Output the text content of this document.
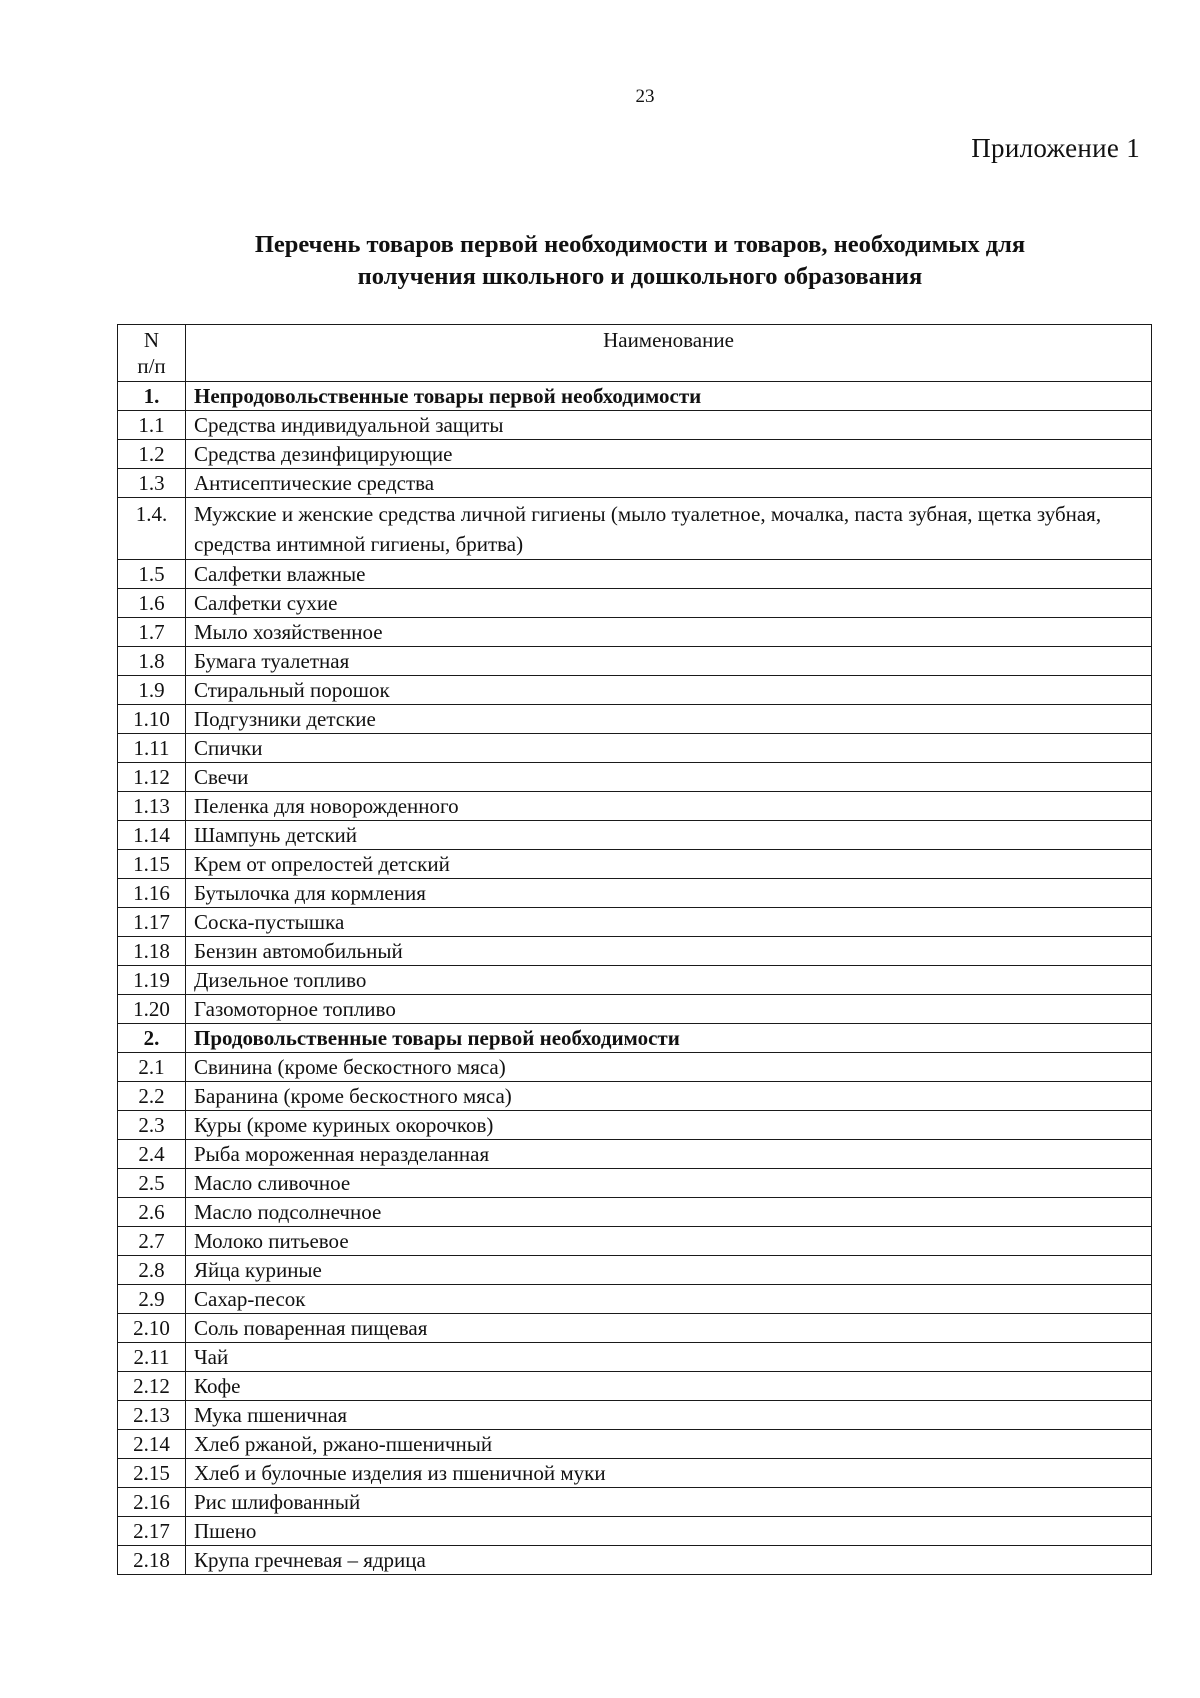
23
Приложение 1
Перечень товаров первой необходимости и товаров, необходимых для
получения школьного и дошкольного образования
N
п/п	Наименование
1.	Непродовольственные товары первой необходимости
1.1	Средства индивидуальной защиты
1.2	Средства дезинфицирующие
1.3	Антисептические средства
1.4.	Мужские и женские средства личной гигиены (мыло туалетное, мочалка, паста зубная, щетка зубная, средства интимной гигиены, бритва)
1.5	Салфетки влажные
1.6	Салфетки сухие
1.7	Мыло хозяйственное
1.8	Бумага туалетная
1.9	Стиральный порошок
1.10	Подгузники детские
1.11	Спички
1.12	Свечи
1.13	Пеленка для новорожденного
1.14	Шампунь детский
1.15	Крем от опрелостей детский
1.16	Бутылочка для кормления
1.17	Соска-пустышка
1.18	Бензин автомобильный
1.19	Дизельное топливо
1.20	Газомоторное топливо
2.	Продовольственные товары первой необходимости
2.1	Свинина (кроме бескостного мяса)
2.2	Баранина (кроме бескостного мяса)
2.3	Куры (кроме куриных окорочков)
2.4	Рыба мороженная неразделанная
2.5	Масло сливочное
2.6	Масло подсолнечное
2.7	Молоко питьевое
2.8	Яйца куриные
2.9	Сахар-песок
2.10	Соль поваренная пищевая
2.11	Чай
2.12	Кофе
2.13	Мука пшеничная
2.14	Хлеб ржаной, ржано-пшеничный
2.15	Хлеб и булочные изделия из пшеничной муки
2.16	Рис шлифованный
2.17	Пшено
2.18	Крупа гречневая – ядрица
